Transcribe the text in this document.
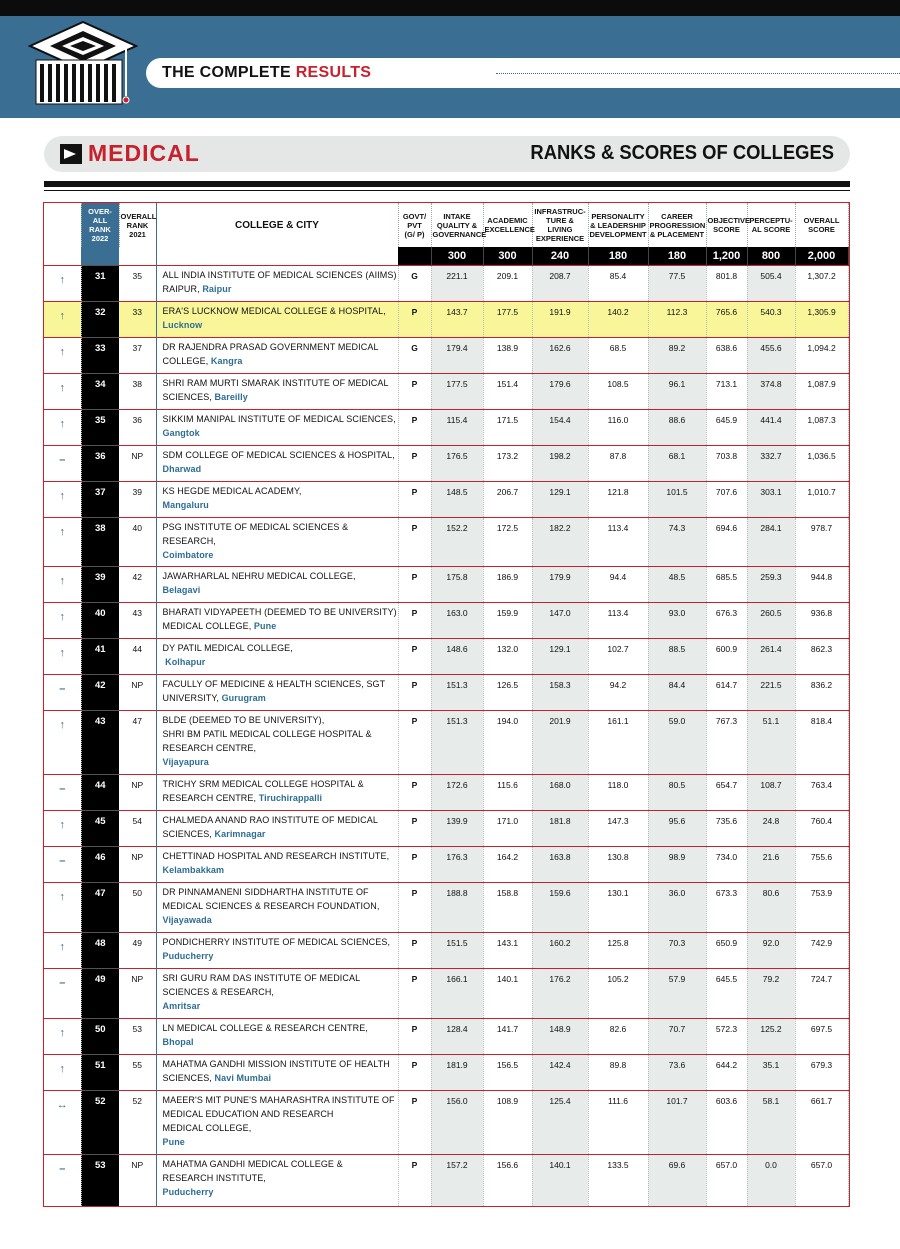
THE COMPLETE RESULTS
MEDICAL	RANKS & SCORES OF COLLEGES
	OVER-
ALL
RANK
2022	OVERALL
RANK
2021	COLLEGE & CITY	GOVT/
PVT
(G/ P)	INTAKE
QUALITY &
GOVERNANCE	ACADEMIC
EXCELLENCE	INFRASTRUC-
TURE & LIVING
EXPERIENCE	PERSONALITY
& LEADERSHIP
DEVELOPMENT	CAREER
PROGRESSION
& PLACEMENT	OBJECTIVE
SCORE	PERCEPTU-
AL SCORE	OVERALL
SCORE
					300	300	240	180	180	1,200	800	2,000
↑	31	35	ALL INDIA INSTITUTE OF MEDICAL SCIENCES (AIIMS)
RAIPUR, Raipur	G	221.1	209.1	208.7	85.4	77.5	801.8	505.4	1,307.2
↑	32	33	ERA'S LUCKNOW MEDICAL COLLEGE & HOSPITAL,
Lucknow	P	143.7	177.5	191.9	140.2	112.3	765.6	540.3	1,305.9
↑	33	37	DR RAJENDRA PRASAD GOVERNMENT MEDICAL
COLLEGE, Kangra	G	179.4	138.9	162.6	68.5	89.2	638.6	455.6	1,094.2
↑	34	38	SHRI RAM MURTI SMARAK INSTITUTE OF MEDICAL
SCIENCES, Bareilly	P	177.5	151.4	179.6	108.5	96.1	713.1	374.8	1,087.9
↑	35	36	SIKKIM MANIPAL INSTITUTE OF MEDICAL SCIENCES,
Gangtok	P	115.4	171.5	154.4	116.0	88.6	645.9	441.4	1,087.3
–	36	NP	SDM COLLEGE OF MEDICAL SCIENCES & HOSPITAL,
Dharwad	P	176.5	173.2	198.2	87.8	68.1	703.8	332.7	1,036.5
↑	37	39	KS HEGDE MEDICAL ACADEMY,
Mangaluru	P	148.5	206.7	129.1	121.8	101.5	707.6	303.1	1,010.7
↑	38	40	PSG INSTITUTE OF MEDICAL SCIENCES & RESEARCH,
Coimbatore	P	152.2	172.5	182.2	113.4	74.3	694.6	284.1	978.7
↑	39	42	JAWARHARLAL NEHRU MEDICAL COLLEGE,
Belagavi	P	175.8	186.9	179.9	94.4	48.5	685.5	259.3	944.8
↑	40	43	BHARATI VIDYAPEETH (DEEMED TO BE UNIVERSITY)
MEDICAL COLLEGE, Pune	P	163.0	159.9	147.0	113.4	93.0	676.3	260.5	936.8
↑	41	44	DY PATIL MEDICAL COLLEGE,
Kolhapur	P	148.6	132.0	129.1	102.7	88.5	600.9	261.4	862.3
–	42	NP	FACULLY OF MEDICINE & HEALTH SCIENCES, SGT
UNIVERSITY, Gurugram	P	151.3	126.5	158.3	94.2	84.4	614.7	221.5	836.2
↑	43	47	BLDE (DEEMED TO BE UNIVERSITY),
SHRI BM PATIL MEDICAL COLLEGE HOSPITAL &
RESEARCH CENTRE,
Vijayapura	P	151.3	194.0	201.9	161.1	59.0	767.3	51.1	818.4
–	44	NP	TRICHY SRM MEDICAL COLLEGE HOSPITAL &
RESEARCH CENTRE, Tiruchirappalli	P	172.6	115.6	168.0	118.0	80.5	654.7	108.7	763.4
↑	45	54	CHALMEDA ANAND RAO INSTITUTE OF MEDICAL
SCIENCES, Karimnagar	P	139.9	171.0	181.8	147.3	95.6	735.6	24.8	760.4
–	46	NP	CHETTINAD HOSPITAL AND RESEARCH INSTITUTE,
Kelambakkam	P	176.3	164.2	163.8	130.8	98.9	734.0	21.6	755.6
↑	47	50	DR PINNAMANENI SIDDHARTHA INSTITUTE OF
MEDICAL SCIENCES & RESEARCH FOUNDATION,
Vijayawada	P	188.8	158.8	159.6	130.1	36.0	673.3	80.6	753.9
↑	48	49	PONDICHERRY INSTITUTE OF MEDICAL SCIENCES,
Puducherry	P	151.5	143.1	160.2	125.8	70.3	650.9	92.0	742.9
–	49	NP	SRI GURU RAM DAS INSTITUTE OF MEDICAL
SCIENCES & RESEARCH,
Amritsar	P	166.1	140.1	176.2	105.2	57.9	645.5	79.2	724.7
↑	50	53	LN MEDICAL COLLEGE & RESEARCH CENTRE,
Bhopal	P	128.4	141.7	148.9	82.6	70.7	572.3	125.2	697.5
↑	51	55	MAHATMA GANDHI MISSION INSTITUTE OF HEALTH
SCIENCES, Navi Mumbai	P	181.9	156.5	142.4	89.8	73.6	644.2	35.1	679.3
↔	52	52	MAEER'S MIT PUNE'S MAHARASHTRA INSTITUTE OF
MEDICAL EDUCATION AND RESEARCH
MEDICAL COLLEGE,
Pune	P	156.0	108.9	125.4	111.6	101.7	603.6	58.1	661.7
–	53	NP	MAHATMA GANDHI MEDICAL COLLEGE &
RESEARCH INSTITUTE,
Puducherry	P	157.2	156.6	140.1	133.5	69.6	657.0	0.0	657.0
